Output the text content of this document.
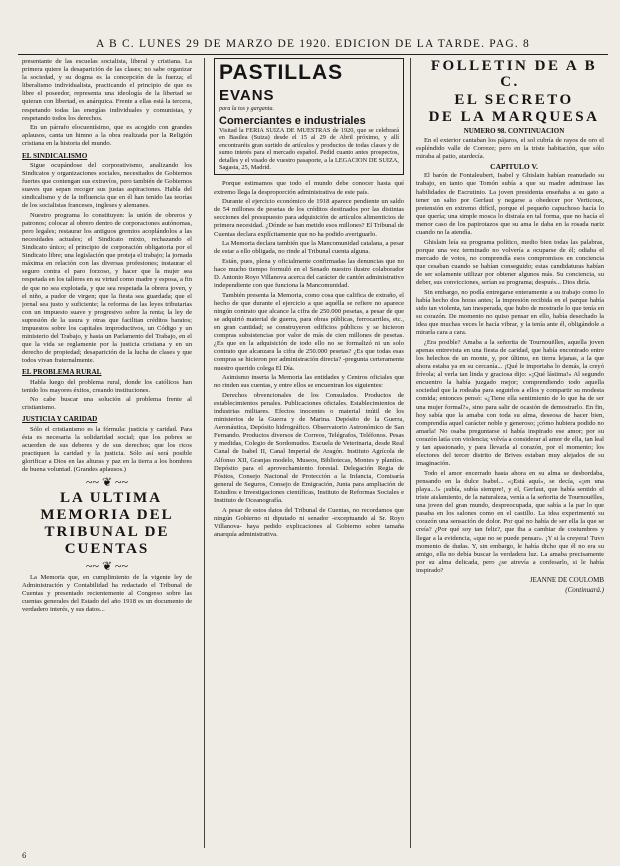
A B C. LUNES 29 DE MARZO DE 1920. EDICION DE LA TARDE. PAG. 8

presentante de las escuelas socialista, liberal y cristiana. La primera quiere la desaparición de las clases; no sabe organizar la sociedad, y su dogma es la concepción de la fuerza; el liberalismo individualista, practicando el principio de que es libre el poseedor, representa una ideología de la libertad se quieran con libertad, es anárquica. Frente a ellas está la tercera, respetando todas las energías individuales y comunistas, y respetando todos los derechos.

En un párrafo elocuentísimo, que es acogido con grandes aplausos, canta un himno a la obra realizada por la Religión cristiana en la historia del mundo.

EL SINDICALISMO

Sigue ocupándose del corporativismo, analizando los Sindicatos y organizaciones sociales, necesitados de Gobiernos fuertes que contengan sus extravíos, pero también de Gobiernos suaves que sepan recoger sus justas aspiraciones. Habla del sindicalismo y de la influencia que en él han tenido las teorías de los socialistas franceses, ingleses y alemanes.

Nuestro programa lo constituyen: la unión de obreros y patronos; colocar al obrero dentro de corporaciones autónomas, pero legales; restaurar los antiguos gremios acoplándolos a las necesidades actuales; el Sindicato mixto, rechazando el Sindicato único; el principio de corporación obligatoria por el Sindicato libre; una legislación que proteja el trabajo; la jornada máxima en relación con las diversas profesiones; instaurar el seguro contra el paro forzoso, y hacer que la mujer sea respetada en los talleres en su virtud como madre y esposa, a fin de que no sea explotada, y que sea respetada la obrera joven, y el niño, a pudor de virgen; que la fiesta sea guardada; que el jornal sea justo y suficiente; la reforma de las leyes tributarias con un impuesto suave y progresivo sobre la renta; la ley de supresión de la usura y otras que facilitan créditos baratos; impuestos sobre los capitales improductivos, un Código y un ministerio del Trabajo, y hasta un Parlamento del Trabajo, en el que la vida se reglamente por la justicia cristiana y en un derecho de propiedad; desaparición de la lucha de clases y que todos vivan fraternalmente.

EL PROBLEMA RURAL

Habla luego del problema rural, donde los católicos han tenido los mayores éxitos, creando instituciones.

No cabe buscar una solución al problema frente al cristianismo.

JUSTICIA Y CARIDAD

Sólo el cristianismo es la fórmula: justicia y caridad. Para ésta es necesaria la solidaridad social; que los pobres se acuerden de sus deberes y de sus derechos; que los ricos practiquen la caridad y la justicia. Sólo así será posible glorificar a Dios en las alturas y paz en la tierra a los hombres de buena voluntad. (Grandes aplausos.)

~~ ❦ ~~

LA ULTIMA MEMORIA DEL TRIBUNAL DE CUENTAS

~~ ❦ ~~

La Memoria que, en cumplimiento de la vigente ley de Administración y Contabilidad ha redactado el Tribunal de Cuentas y presentado recientemente al Congreso sobre las cuentas generales del Estado del año 1918 es un documento de verdadero interés, y sus datos...

PASTILLAS EVANS
para la tos y garganta.
Comerciantes e industriales
Visitad la FERIA SUIZA DE MUESTRAS de 1920, que se celebrará en Basilea (Suiza) desde el 15 al 29 de Abril próximo, y allí encontraréis gran surtido de artículos y productos de todas clases y de sumo interés para el mercado español. Pedid cuanto antes prospectos, detalles y el visado de vuestro pasaporte, a la LEGACION DE SUIZA, Sagasta, 25, Madrid.

Porque estimamos que todo el mundo debe conocer hasta qué extremo llega la desproporción administrativa de este país.

Durante el ejercicio económico de 1918 aparece pendiente un saldo de 54 millones de pesetas de los créditos destinados por las distintas secciones del presupuesto para adquisición de artículos alimenticios de primera necesidad. ¿Dónde se han metido esos millones? El Tribunal de Cuentas declara explícitamente que no ha podido averiguarlo.

La Memoria declara también que la Mancomunidad catalana, a pesar de estar a ello obligada, no rinde al Tribunal cuenta alguna.

Están, pues, plena y oficialmente confirmadas las denuncias que no hace mucho tiempo formuló en el Senado nuestro ilustre colaborador D. Antonio Royo Villanova acerca del carácter de cantón administrativo independiente con que funciona la Mancomunidad.

También presenta la Memoria, como cosa que califica de extraño, el hecho de que durante el ejercicio a que aquélla se refiere no aparece ningún contrato que alcance la cifra de 250.000 pesetas, a pesar de que se adquirió material de guerra, para obras públicas, ferrocarriles, etc., en gran cantidad; se construyeron edificios públicos y se hicieron compras subsistencias por valor de más de cien millones de pesetas. ¿Es que en la adquisición de todo ello no se formalizó ni un solo contrato que alcanzara la cifra de 250.000 pesetas? ¿Es que todas esas compras se hicieron por administración directa? -pregunta certeramente nuestro querido colega El Día.

Asimismo inserta la Memoria las entidades y Centros oficiales que no rinden sus cuentas, y entre ellos se encuentran los siguientes:

Derechos obvencionales de los Consulados. Productos de establecimientos penales. Publicaciones oficiales. Establecimientos de industrias militares. Efectos inocentes o material inútil de los ministerios de la Guerra y de Marina. Depósito de la Guerra, Aeronáutica, Depósito hidrográfico. Observatorio Astronómico de San Fernando. Productos diversos de Correos, Telégrafos, Teléfonos. Pesas y medidas, Colegio de Sordomudos. Escuela de Veterinaria, desde Real Canal de Isabel II, Canal Imperial de Aragón. Instituto Agrícola de Alfonso XII, Granjas modelo, Museos, Bibliotecas, Montes y plantíos. Depósito para el aprovechamiento forestal. Delegación Regia de Pósitos, Consejo Nacional de Protección a la Infancia, Comisaría general de Seguros, Consejo de Emigración, Junta para ampliación de Estudios e Investigaciones científicas, Instituto de Reformas Sociales e Instituto de Oceanografía.

A pesar de estos datos del Tribunal de Cuentas, no recordamos que ningún Gobierno ni diputado ni senador -exceptuando al Sr. Royo Villanova- haya pedido explicaciones al Gobierno sobre tamaña anarquía administrativa.

FOLLETIN DE A B C.

EL SECRETO

DE LA MARQUESA

NUMERO 98. CONTINUACION

En el exterior cantaban los pájaros, el sol cubría de rayos de oro el espléndido valle de Correze; pero en la triste habitación, que sólo miraba al patio, atardecía.

CAPITULO V.

El barón de Fontaleubert, Isabel y Ghislain habían reanudado su trabajo, en tanto que Tomón subía a que su madre admirase las habilidades de Escrutinio. La joven presidenta enseñaba a su gato a tener un salto por Gerfaut y negarse a obedecer por Verticoux, pretensión en extremo difícil, porque el pequeño capuchoso hacía lo que quería; una simple mosca lo distraía en tal forma, que no hacía el menor caso de los papirotazos que su ama le daba en la rosada nariz cuando no la atendía.

Ghislain leía su programa político, medio bien todas las palabras, porque una vez terminado no volvería a ocuparse de él; odiaba el mercado de votos, no comprendía esos compromisos en conciencia que cesaban cuando se habían conseguido; estas candidaturas habían de ser solamente utilizar por obtener algunos más. Su conciencia, su deber, sus convicciones, serían su programa; después... Dios diría.

Sin embargo, no podía entregarse enteramente a su trabajo como lo había hecho dos horas antes; la impresión recibida en el parque había sido tan violenta, tan inesperada, que hubo de mostrarle lo que tenía en su corazón. De momento no quiso pensar en ello, había desechado la idea que muchas veces le hacía vibrar, y la tenía ante él, obligándole a mirarla cara a cara.

¿Era posible? Amaba a la señorita de Tournouëlles, aquella joven apenas entrevista en una fiesta de caridad, que había encontrado entre los helechos de un monte, y, por último, en tierra lejanas, a la que ahora estaba ya en su cercanía... ¡Qué le importaba lo demás, la creyó frívola; al verla tan linda y graciosa dijo: «¡Qué lástima!» Al segundo encuentro la había juzgado mejor; comprendiendo todo aquella sociedad que la rodeaba para seguirlos a ellos y compartir su modesta comida; entonces pensó: «¿Tiene ella sentimiento de lo que ha de ser una mujer formal?», sino para salir de ocasión de demostrarlo. En fin, hoy sabía que la amaba con toda su alma, deseosa de hacer bien, comprendía aquel carácter noble y generoso; ¡cómo hubiera podido no amarla! No osaba preguntarse si había inspirado ese amor; por su corazón latía con violencia; volvía a considerar al amor de ella, tan leal y tan apasionado, y para llevarla al corazón, por el momento; los electores del tercer distrito de Brives estaban muy alejados de su imaginación.

Todo el amor encerrado hasta ahora en su alma se desbordaba, pensando en la dulce Isabel... «¡Está aquí», se decía, «¡en una playa...!» ¡subía, subía siempre!, y el, Gerfaut, que había sentido el triste aislamiento, de la naturaleza, venía a la señorita de Tournouëlles, una joven del gran mundo, despreocupada, que sabía a la par lo que pasaba en los salones como en el castillo. La idea experimentó su corazón una sensación de dolor. Por qué no había de ser ella la que se creía? ¿Por qué soy tan feliz?, que iba a cambiar de costumbres y llegar a la evidencia, «que no se puede pensar». ¡Y si la creyera! Tuvo momento de dudas. Y, sin embargo, le había dicho que él no era su amigo, ella no debía buscar la verdadera luz. La amaba precisamente por su alma delicada, pero ¿se atrevía a confesarlo, si le había inspirado?

JEANNE DE COULOMB

(Continuará.)

6
